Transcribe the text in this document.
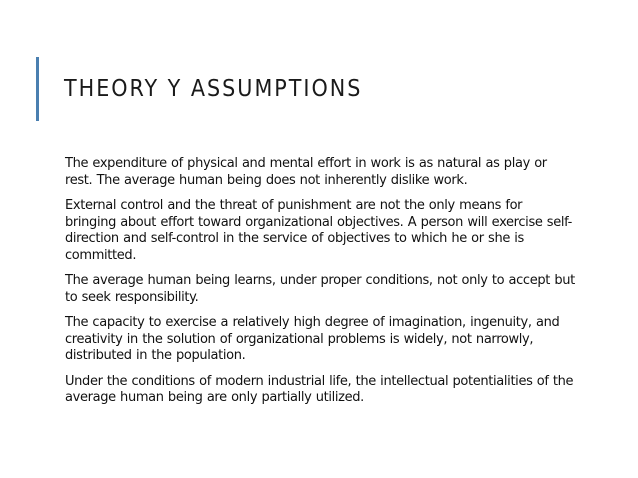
THEORY Y ASSUMPTIONS

The expenditure of physical and mental effort in work is as natural as play or rest. The average human being does not inherently dislike work.

External control and the threat of punishment are not the only means for bringing about effort toward organizational objectives. A person will exercise self-direction and self-control in the service of objectives to which he or she is committed.

The average human being learns, under proper conditions, not only to accept but to seek responsibility.

The capacity to exercise a relatively high degree of imagination, ingenuity, and creativity in the solution of organizational problems is widely, not narrowly, distributed in the population.

Under the conditions of modern industrial life, the intellectual potentialities of the average human being are only partially utilized.
